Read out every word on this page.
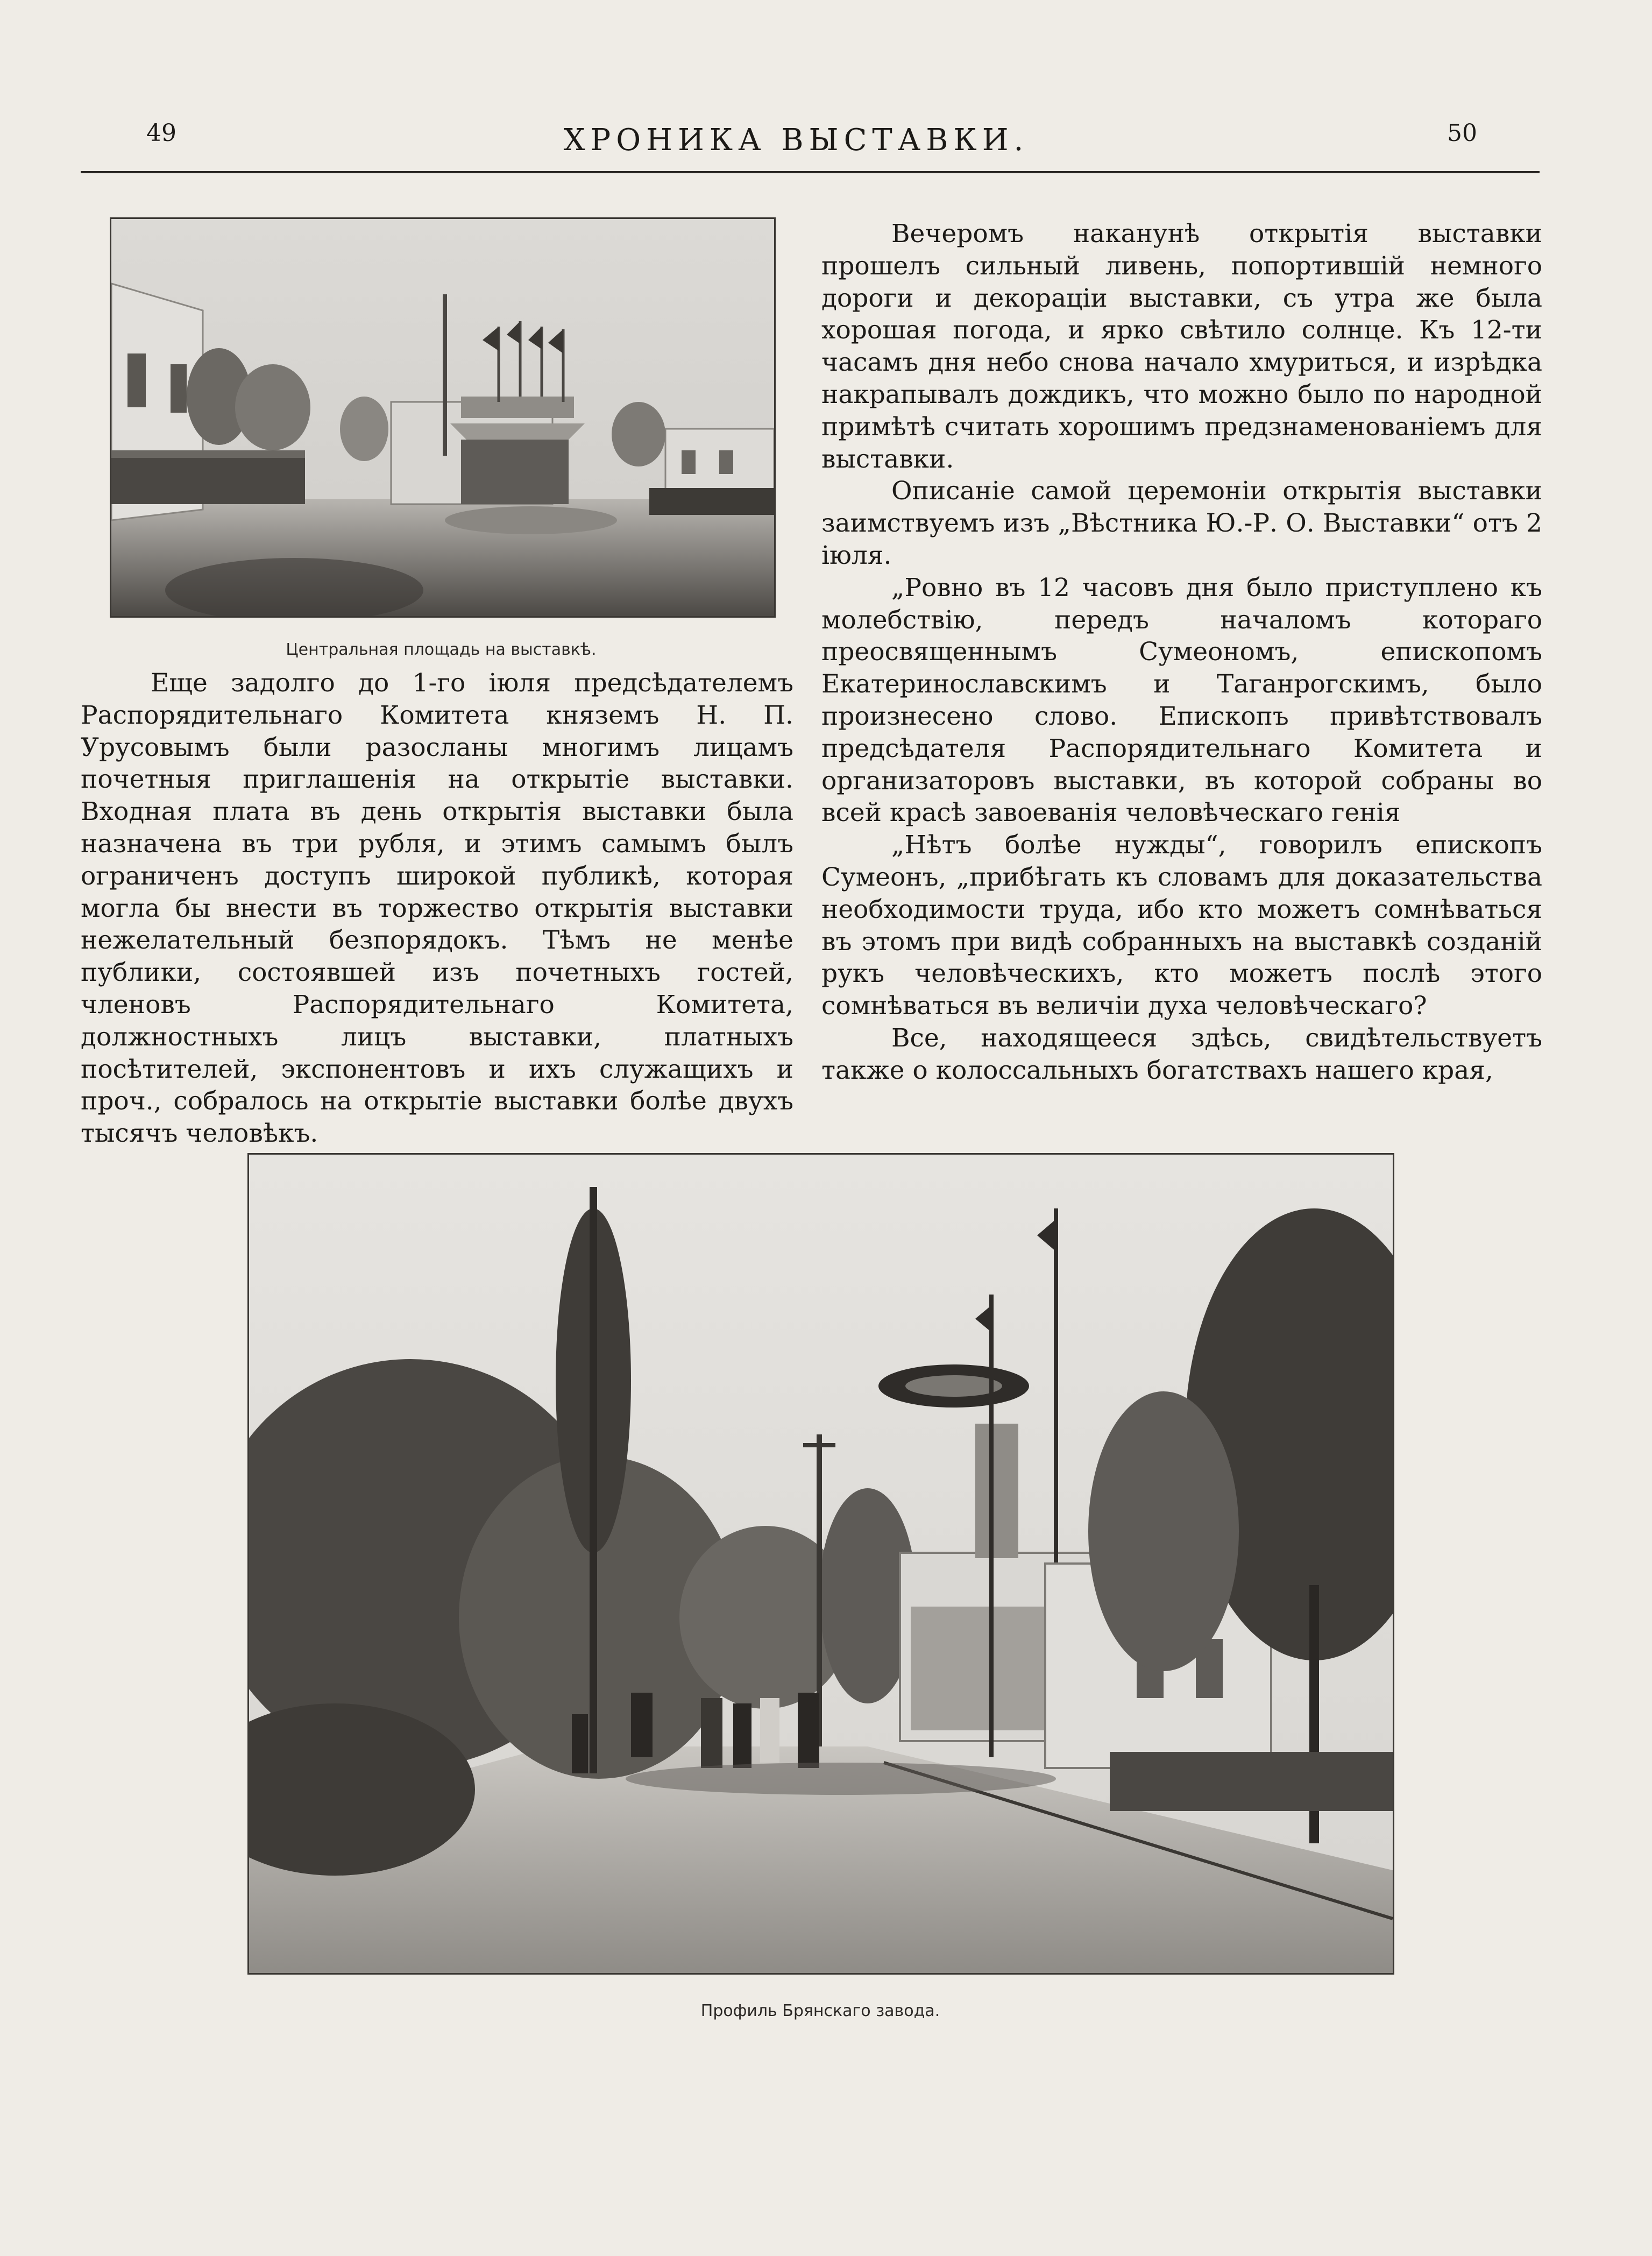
49	ХРОНИКА ВЫСТАВКИ.	50
Центральная площадь на выставкѣ.

Еще задолго до 1-го іюля предсѣдателемъ Распорядительнаго Комитета княземъ Н. П. Урусовымъ были разосланы многимъ лицамъ почетныя приглашенія на открытіе выставки. Входная плата въ день открытія выставки была назначена въ три рубля, и этимъ самымъ былъ ограниченъ доступъ широкой публикѣ, которая могла бы внести въ торжество открытія выставки нежелательный безпорядокъ. Тѣмъ не менѣе публики, состоявшей изъ почетныхъ гостей, членовъ Распорядительнаго Комитета, должностныхъ лицъ выставки, платныхъ посѣтителей, экспонентовъ и ихъ служащихъ и проч., собралось на открытіе выставки болѣе двухъ тысячъ человѣкъ.

Вечеромъ наканунѣ открытія выставки прошелъ сильный ливень, попортившій немного дороги и декораціи выставки, съ утра же была хорошая погода, и ярко свѣтило солнце. Къ 12-ти часамъ дня небо снова начало хмуриться, и изрѣдка накрапывалъ дождикъ, что можно было по народной примѣтѣ считать хорошимъ предзнаменованіемъ для выставки.

Описаніе самой церемоніи открытія выставки заимствуемъ изъ „Вѣстника Ю.-Р. О. Выставки“ отъ 2 іюля.

„Ровно въ 12 часовъ дня было приступлено къ молебствію, передъ началомъ котораго преосвященнымъ Сумеономъ, епископомъ Екатеринославскимъ и Таганрогскимъ, было произнесено слово. Епископъ привѣтствовалъ предсѣдателя Распорядительнаго Комитета и организаторовъ выставки, въ которой собраны во всей красѣ завоеванія человѣческаго генія

„Нѣтъ болѣе нужды“, говорилъ епископъ Сумеонъ, „прибѣгать къ словамъ для доказательства необходимости труда, ибо кто можетъ сомнѣваться въ этомъ при видѣ собранныхъ на выставкѣ созданій рукъ человѣческихъ, кто можетъ послѣ этого сомнѣваться въ величіи духа человѣческаго?

Все, находящееся здѣсь, свидѣтельствуетъ также о колоссальныхъ богатствахъ нашего края,

Профиль Брянскаго завода.
